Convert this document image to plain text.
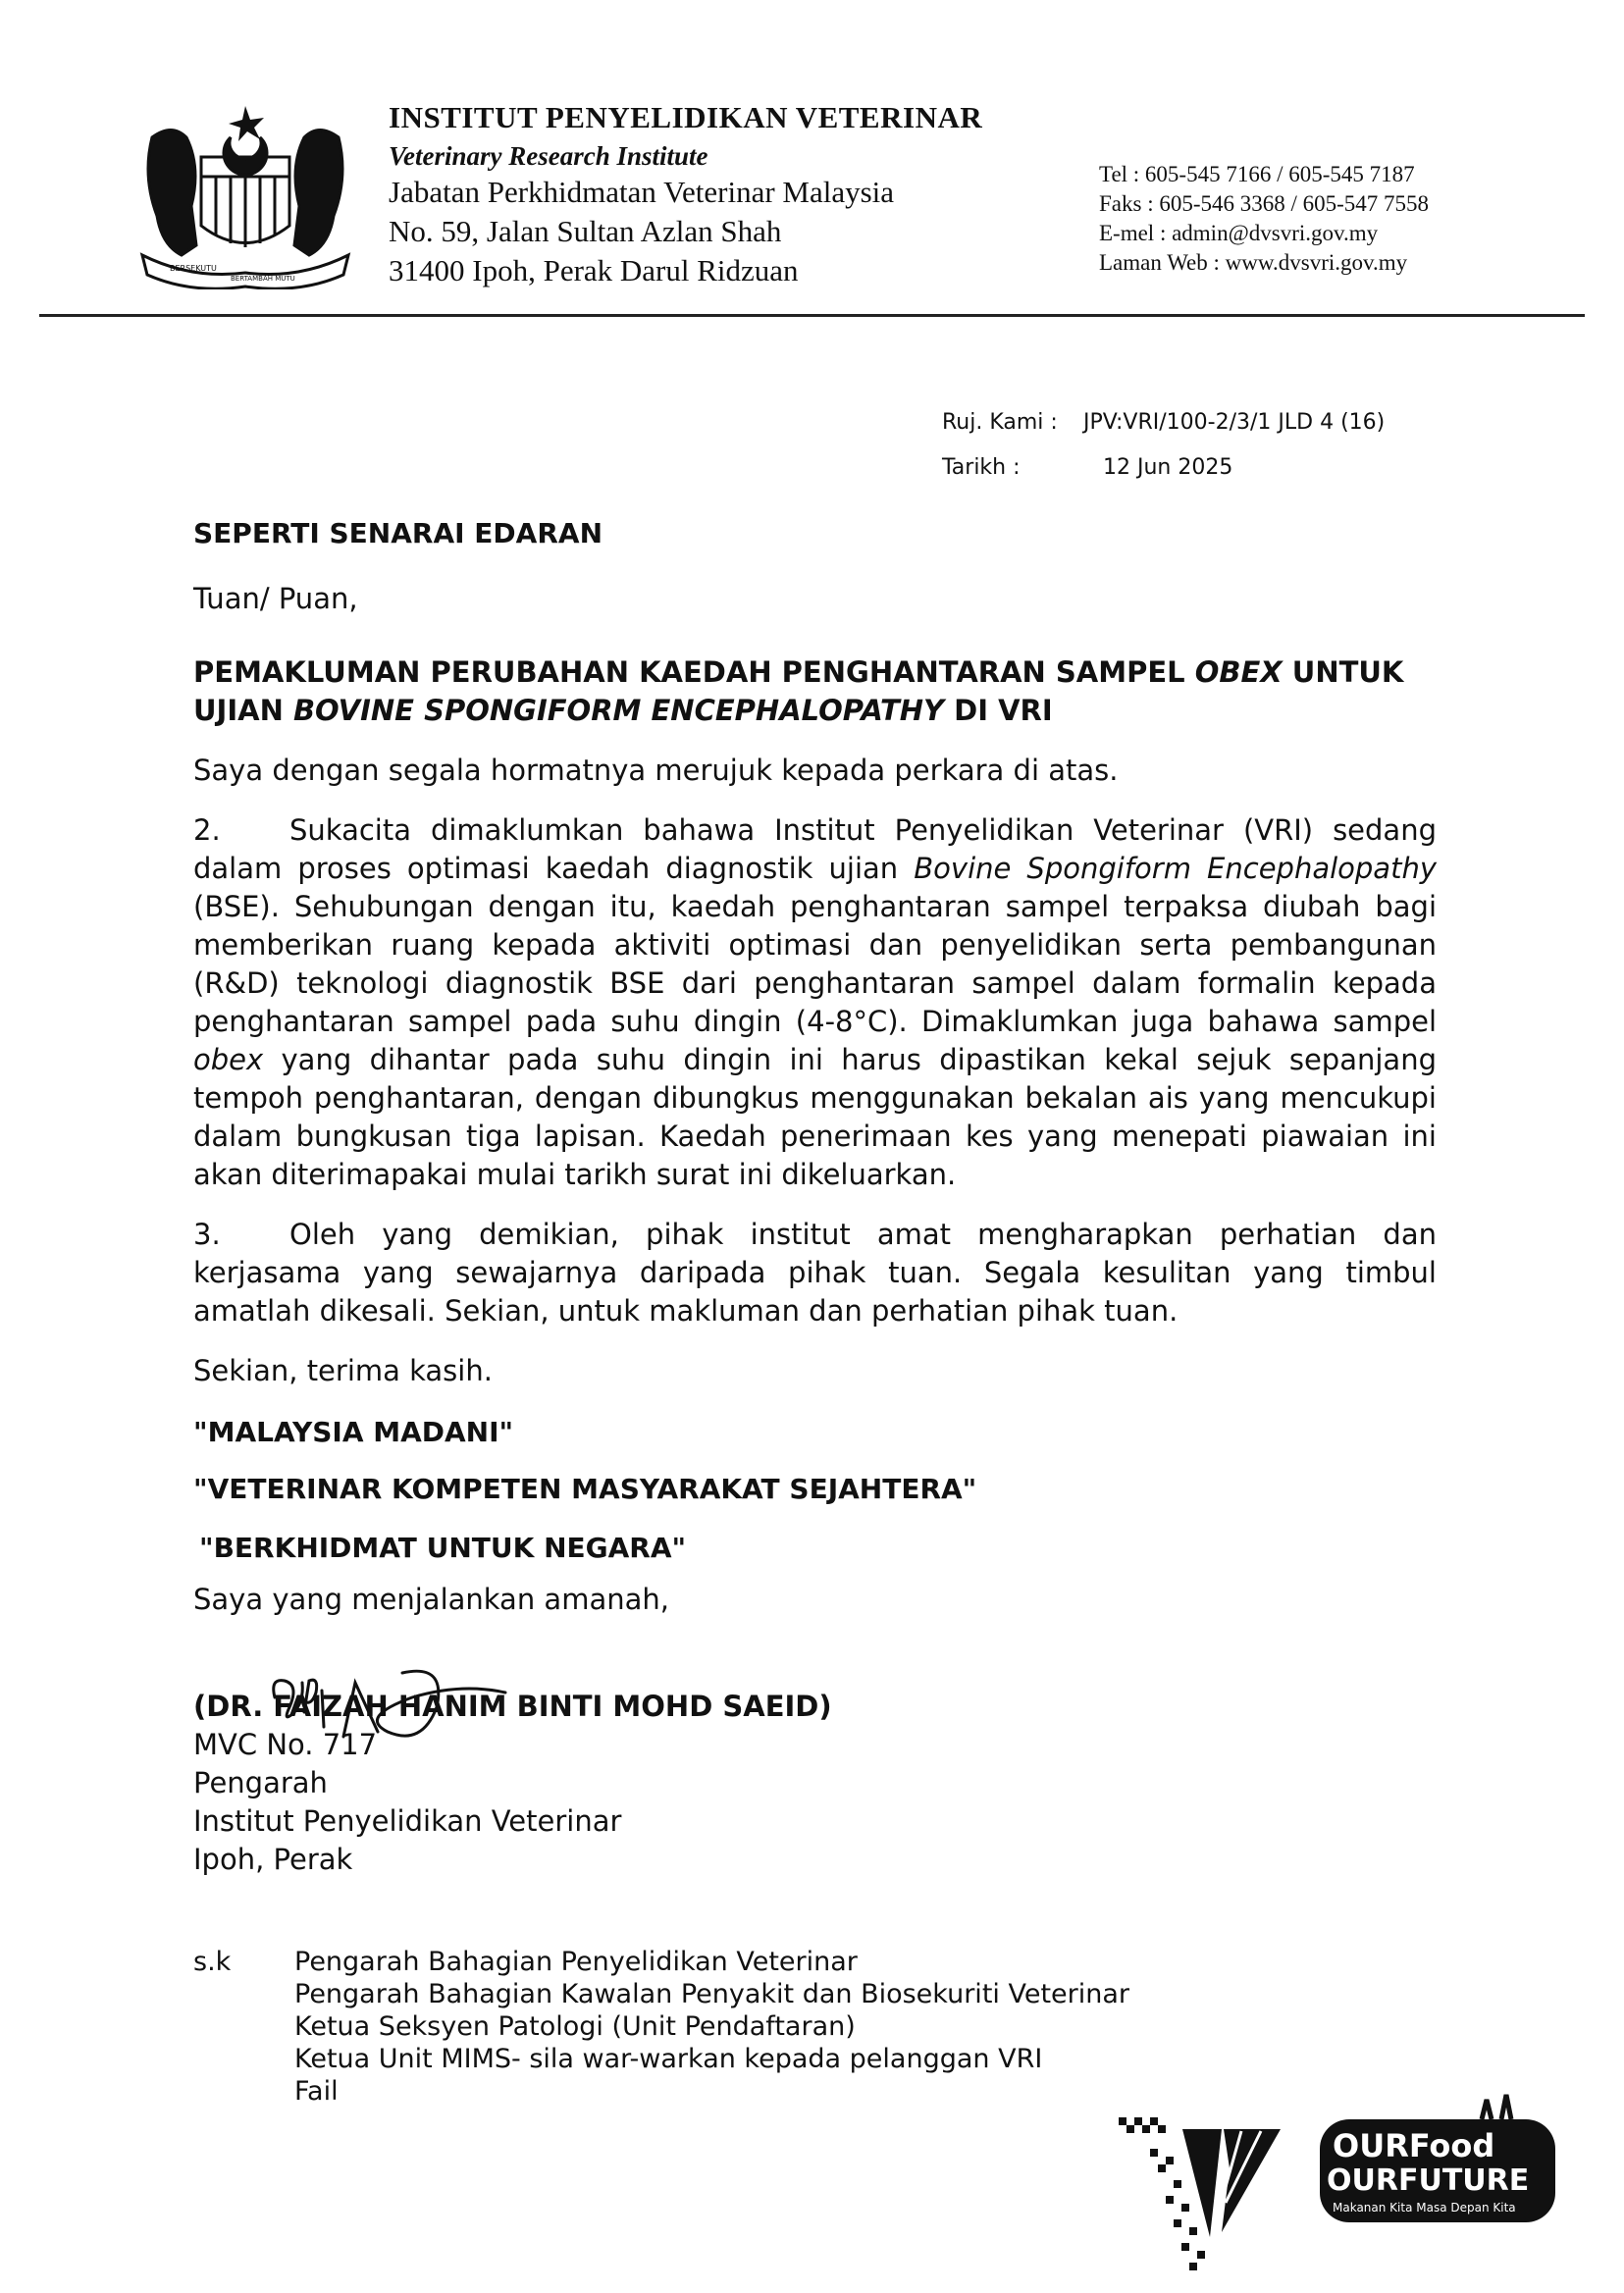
BERSEKUTU
BERTAMBAH MUTU
INSTITUT PENYELIDIKAN VETERINAR
Veterinary Research Institute
Jabatan Perkhidmatan Veterinar Malaysia
No. 59, Jalan Sultan Azlan Shah
31400 Ipoh, Perak Darul Ridzuan
Tel : 605-545 7166 / 605-545 7187
Faks : 605-546 3368 / 605-547 7558
E-mel : admin@dvsvri.gov.my
Laman Web : www.dvsvri.gov.my
Ruj. Kami :	JPV:VRI/100-2/3/1 JLD 4 (16)
Tarikh :	12 Jun 2025
SEPERTI SENARAI EDARAN
Tuan/ Puan,
PEMAKLUMAN PERUBAHAN KAEDAH PENGHANTARAN SAMPEL OBEX UNTUK UJIAN BOVINE SPONGIFORM ENCEPHALOPATHY DI VRI

Saya dengan segala hormatnya merujuk kepada perkara di atas.

2. Sukacita dimaklumkan bahawa Institut Penyelidikan Veterinar (VRI) sedang dalam proses optimasi kaedah diagnostik ujian Bovine Spongiform Encephalopathy (BSE). Sehubungan dengan itu, kaedah penghantaran sampel terpaksa diubah bagi memberikan ruang kepada aktiviti optimasi dan penyelidikan serta pembangunan (R&D) teknologi diagnostik BSE dari penghantaran sampel dalam formalin kepada penghantaran sampel pada suhu dingin (4-8°C). Dimaklumkan juga bahawa sampel obex yang dihantar pada suhu dingin ini harus dipastikan kekal sejuk sepanjang tempoh penghantaran, dengan dibungkus menggunakan bekalan ais yang mencukupi dalam bungkusan tiga lapisan. Kaedah penerimaan kes yang menepati piawaian ini akan diterimapakai mulai tarikh surat ini dikeluarkan.

3. Oleh yang demikian, pihak institut amat mengharapkan perhatian dan kerjasama yang sewajarnya daripada pihak tuan. Segala kesulitan yang timbul amatlah dikesali. Sekian, untuk makluman dan perhatian pihak tuan.

Sekian, terima kasih.

"MALAYSIA MADANI"
"VETERINAR KOMPETEN MASYARAKAT SEJAHTERA"
"BERKHIDMAT UNTUK NEGARA"
Saya yang menjalankan amanah,
(DR. FAIZAH HANIM BINTI MOHD SAEID)
MVC No. 717
Pengarah
Institut Penyelidikan Veterinar
Ipoh, Perak
s.k	Pengarah Bahagian Penyelidikan Veterinar
Pengarah Bahagian Kawalan Penyakit dan Biosekuriti Veterinar
Ketua Seksyen Patologi (Unit Pendaftaran)
Ketua Unit MIMS- sila war-warkan kepada pelanggan VRI
Fail
OURFood
OURFUTURE
Makanan Kita Masa Depan Kita
